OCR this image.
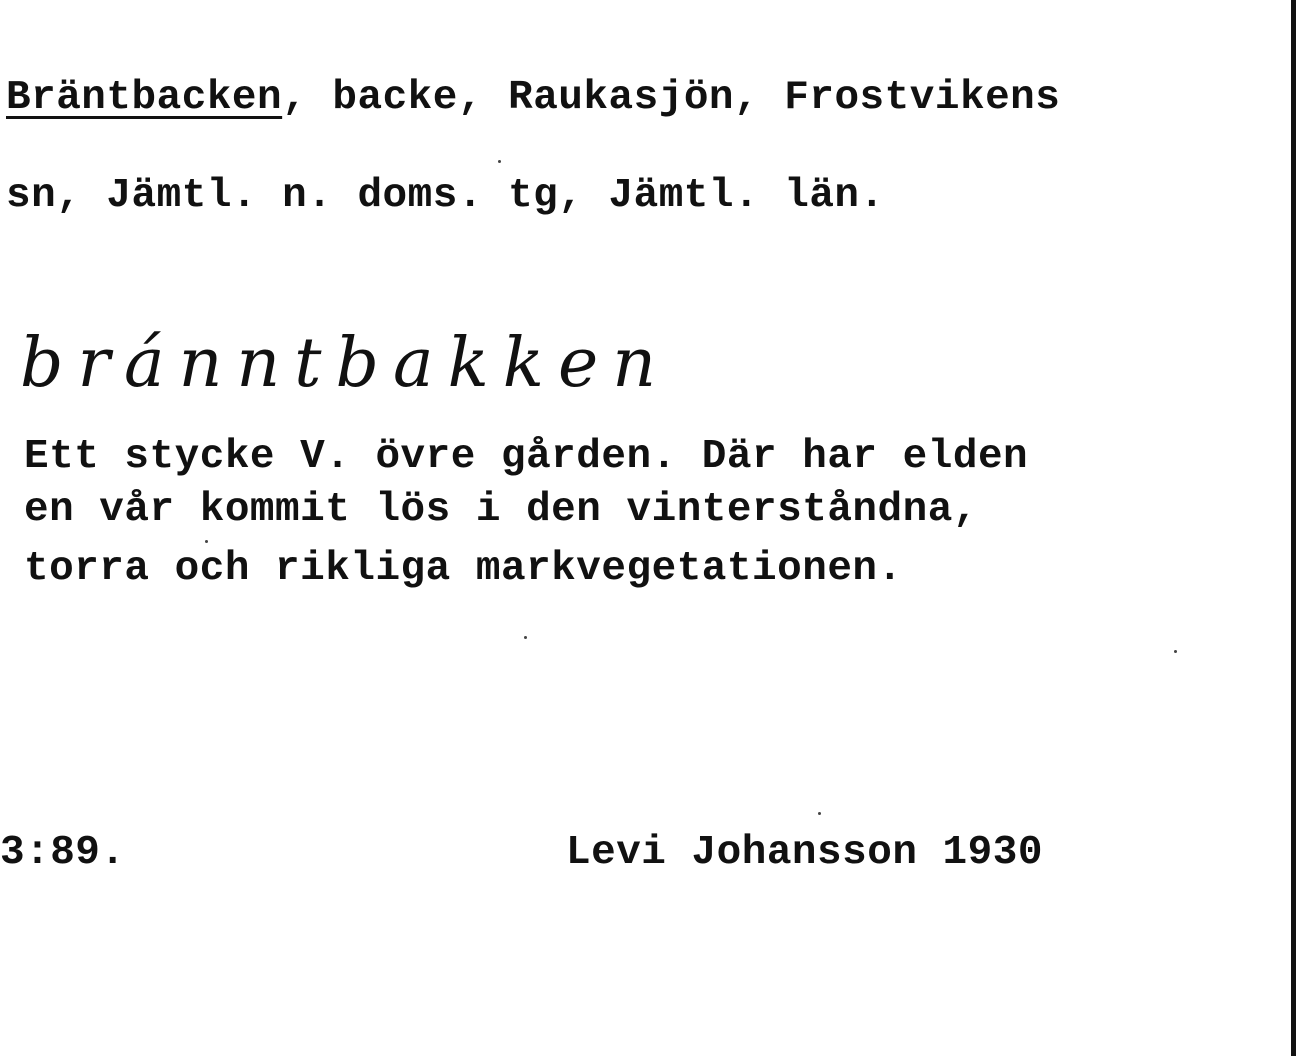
Bräntbacken, backe, Raukasjön, Frostvikens
sn, Jämtl. n. doms. tg, Jämtl. län.
bránntbakken
Ett stycke V. övre gården. Där har elden
en vår kommit lös i den vinterståndna,
torra och rikliga markvegetationen.
3:89.	Levi Johansson 1930
